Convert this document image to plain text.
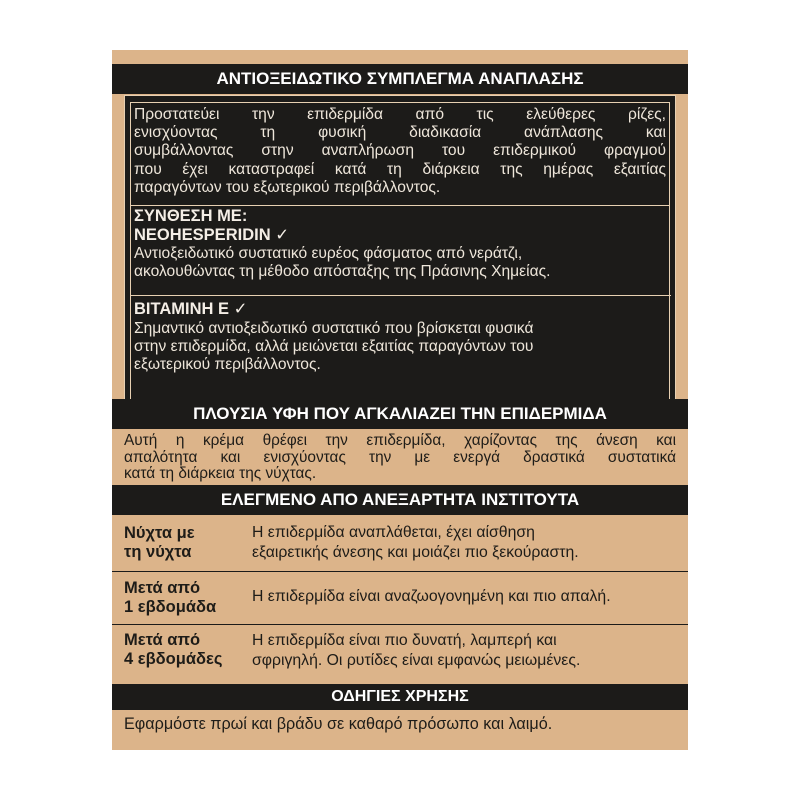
ΑΝΤΙΟΞΕΙΔΩΤΙΚΟ ΣΥΜΠΛΕΓΜΑ ΑΝΑΠΛΑΣΗΣ
Προστατεύει την επιδερμίδα από τις ελεύθερες ρίζες,
ενισχύοντας τη φυσική διαδικασία ανάπλασης και
συμβάλλοντας στην αναπλήρωση του επιδερμικού φραγμού
που έχει καταστραφεί κατά τη διάρκεια της ημέρας εξαιτίας
παραγόντων του εξωτερικού περιβάλλοντος.
ΣΥΝΘΕΣΗ ΜΕ:
NEOHESPERIDIN ✓
Αντιοξειδωτικό συστατικό ευρέος φάσματος από νεράτζι,
ακολουθώντας τη μέθοδο απόσταξης της Πράσινης Χημείας.
ΒΙΤΑΜΙΝΗ Ε ✓
Σημαντικό αντιοξειδωτικό συστατικό που βρίσκεται φυσικά
στην επιδερμίδα, αλλά μειώνεται εξαιτίας παραγόντων του
εξωτερικού περιβάλλοντος.
ΠΛΟΥΣΙΑ ΥΦΗ ΠΟΥ ΑΓΚΑΛΙΑΖΕΙ ΤΗΝ ΕΠΙΔΕΡΜΙΔΑ
Αυτή η κρέμα θρέφει την επιδερμίδα, χαρίζοντας της άνεση και
απαλότητα και ενισχύοντας την με ενεργά δραστικά συστατικά
κατά τη διάρκεια της νύχτας.
ΕΛΕΓΜΕΝΟ ΑΠΟ ΑΝΕΞΑΡΤΗΤΑ ΙΝΣΤΙΤΟΥΤΑ
Νύχτα με
τη νύχτα
Η επιδερμίδα αναπλάθεται, έχει αίσθηση
εξαιρετικής άνεσης και μοιάζει πιο ξεκούραστη.
Μετά από
1 εβδομάδα
Η επιδερμίδα είναι αναζωογονημένη και πιο απαλή.
Μετά από
4 εβδομάδες
Η επιδερμίδα είναι πιο δυνατή, λαμπερή και
σφριγηλή. Οι ρυτίδες είναι εμφανώς μειωμένες.
ΟΔΗΓΙΕΣ ΧΡΗΣΗΣ
Εφαρμόστε πρωί και βράδυ σε καθαρό πρόσωπο και λαιμό.
